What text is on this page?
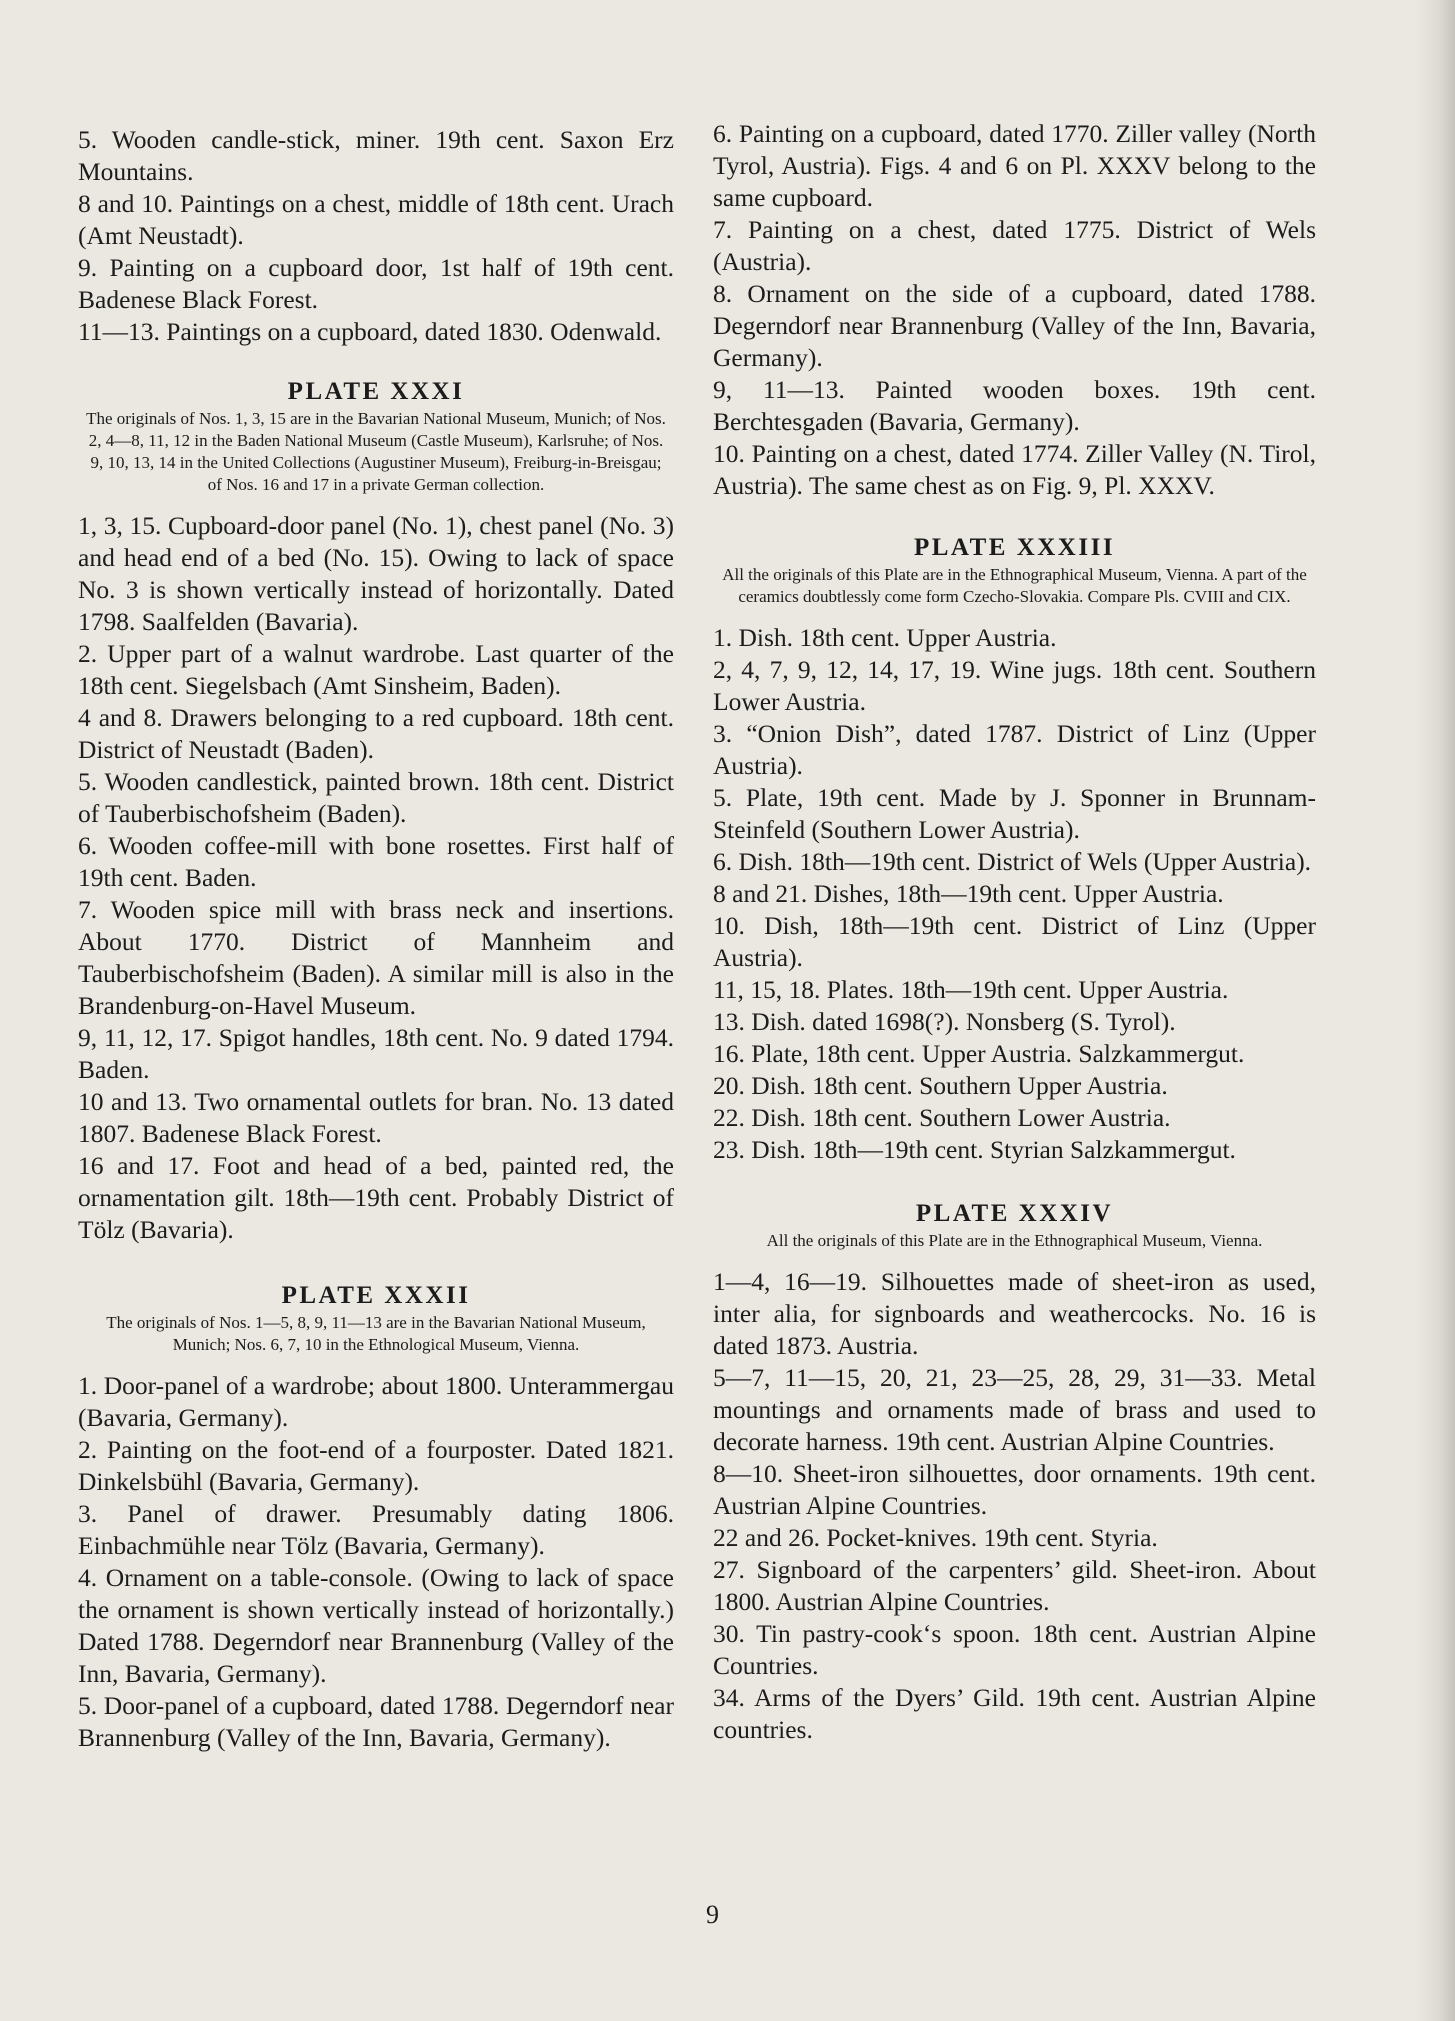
5. Wooden candle-stick, miner. 19th cent. Saxon Erz Mountains.

8 and 10. Paintings on a chest, middle of 18th cent. Urach (Amt Neustadt).

9. Painting on a cupboard door, 1st half of 19th cent. Badenese Black Forest.

11—13. Paintings on a cupboard, dated 1830. Odenwald.

PLATE XXXI

The originals of Nos. 1, 3, 15 are in the Bavarian National Museum, Munich; of Nos. 2, 4—8, 11, 12 in the Baden National Museum (Castle Museum), Karlsruhe; of Nos. 9, 10, 13, 14 in the United Collections (Augustiner Museum), Freiburg-in-Breisgau; of Nos. 16 and 17 in a private German collection.

1, 3, 15. Cupboard-door panel (No. 1), chest panel (No. 3) and head end of a bed (No. 15). Owing to lack of space No. 3 is shown vertically instead of horizontally. Dated 1798. Saalfelden (Bavaria).

2. Upper part of a walnut wardrobe. Last quarter of the 18th cent. Siegelsbach (Amt Sinsheim, Baden).

4 and 8. Drawers belonging to a red cupboard. 18th cent. District of Neustadt (Baden).

5. Wooden candlestick, painted brown. 18th cent. District of Tauberbischofsheim (Baden).

6. Wooden coffee-mill with bone rosettes. First half of 19th cent. Baden.

7. Wooden spice mill with brass neck and insertions. About 1770. District of Mannheim and Tauberbischofsheim (Baden). A similar mill is also in the Brandenburg-on-Havel Museum.

9, 11, 12, 17. Spigot handles, 18th cent. No. 9 dated 1794. Baden.

10 and 13. Two ornamental outlets for bran. No. 13 dated 1807. Badenese Black Forest.

16 and 17. Foot and head of a bed, painted red, the ornamentation gilt. 18th—19th cent. Probably District of Tölz (Bavaria).

PLATE XXXII

The originals of Nos. 1—5, 8, 9, 11—13 are in the Bavarian National Museum, Munich; Nos. 6, 7, 10 in the Ethnological Museum, Vienna.

1. Door-panel of a wardrobe; about 1800. Unterammergau (Bavaria, Germany).

2. Painting on the foot-end of a fourposter. Dated 1821. Dinkelsbühl (Bavaria, Germany).

3. Panel of drawer. Presumably dating 1806. Einbachmühle near Tölz (Bavaria, Germany).

4. Ornament on a table-console. (Owing to lack of space the ornament is shown vertically instead of horizontally.) Dated 1788. Degerndorf near Brannenburg (Valley of the Inn, Bavaria, Germany).

5. Door-panel of a cupboard, dated 1788. Degerndorf near Brannenburg (Valley of the Inn, Bavaria, Germany).

6. Painting on a cupboard, dated 1770. Ziller valley (North Tyrol, Austria). Figs. 4 and 6 on Pl. XXXV belong to the same cupboard.

7. Painting on a chest, dated 1775. District of Wels (Austria).

8. Ornament on the side of a cupboard, dated 1788. Degerndorf near Brannenburg (Valley of the Inn, Bavaria, Germany).

9, 11—13. Painted wooden boxes. 19th cent. Berchtesgaden (Bavaria, Germany).

10. Painting on a chest, dated 1774. Ziller Valley (N. Tirol, Austria). The same chest as on Fig. 9, Pl. XXXV.

PLATE XXXIII

All the originals of this Plate are in the Ethnographical Museum, Vienna. A part of the ceramics doubtlessly come form Czecho-Slovakia. Compare Pls. CVIII and CIX.

1. Dish. 18th cent. Upper Austria.

2, 4, 7, 9, 12, 14, 17, 19. Wine jugs. 18th cent. Southern Lower Austria.

3. “Onion Dish”, dated 1787. District of Linz (Upper Austria).

5. Plate, 19th cent. Made by J. Sponner in Brunnam-Steinfeld (Southern Lower Austria).

6. Dish. 18th—19th cent. District of Wels (Upper Austria).

8 and 21. Dishes, 18th—19th cent. Upper Austria.

10. Dish, 18th—19th cent. District of Linz (Upper Austria).

11, 15, 18. Plates. 18th—19th cent. Upper Austria.

13. Dish. dated 1698(?). Nonsberg (S. Tyrol).

16. Plate, 18th cent. Upper Austria. Salzkammergut.

20. Dish. 18th cent. Southern Upper Austria.

22. Dish. 18th cent. Southern Lower Austria.

23. Dish. 18th—19th cent. Styrian Salzkammergut.

PLATE XXXIV

All the originals of this Plate are in the Ethnographical Museum, Vienna.

1—4, 16—19. Silhouettes made of sheet-iron as used, inter alia, for signboards and weathercocks. No. 16 is dated 1873. Austria.

5—7, 11—15, 20, 21, 23—25, 28, 29, 31—33. Metal mountings and ornaments made of brass and used to decorate harness. 19th cent. Austrian Alpine Countries.

8—10. Sheet-iron silhouettes, door ornaments. 19th cent. Austrian Alpine Countries.

22 and 26. Pocket-knives. 19th cent. Styria.

27. Signboard of the carpenters’ gild. Sheet-iron. About 1800. Austrian Alpine Countries.

30. Tin pastry-cook‘s spoon. 18th cent. Austrian Alpine Countries.

34. Arms of the Dyers’ Gild. 19th cent. Austrian Alpine countries.

9
